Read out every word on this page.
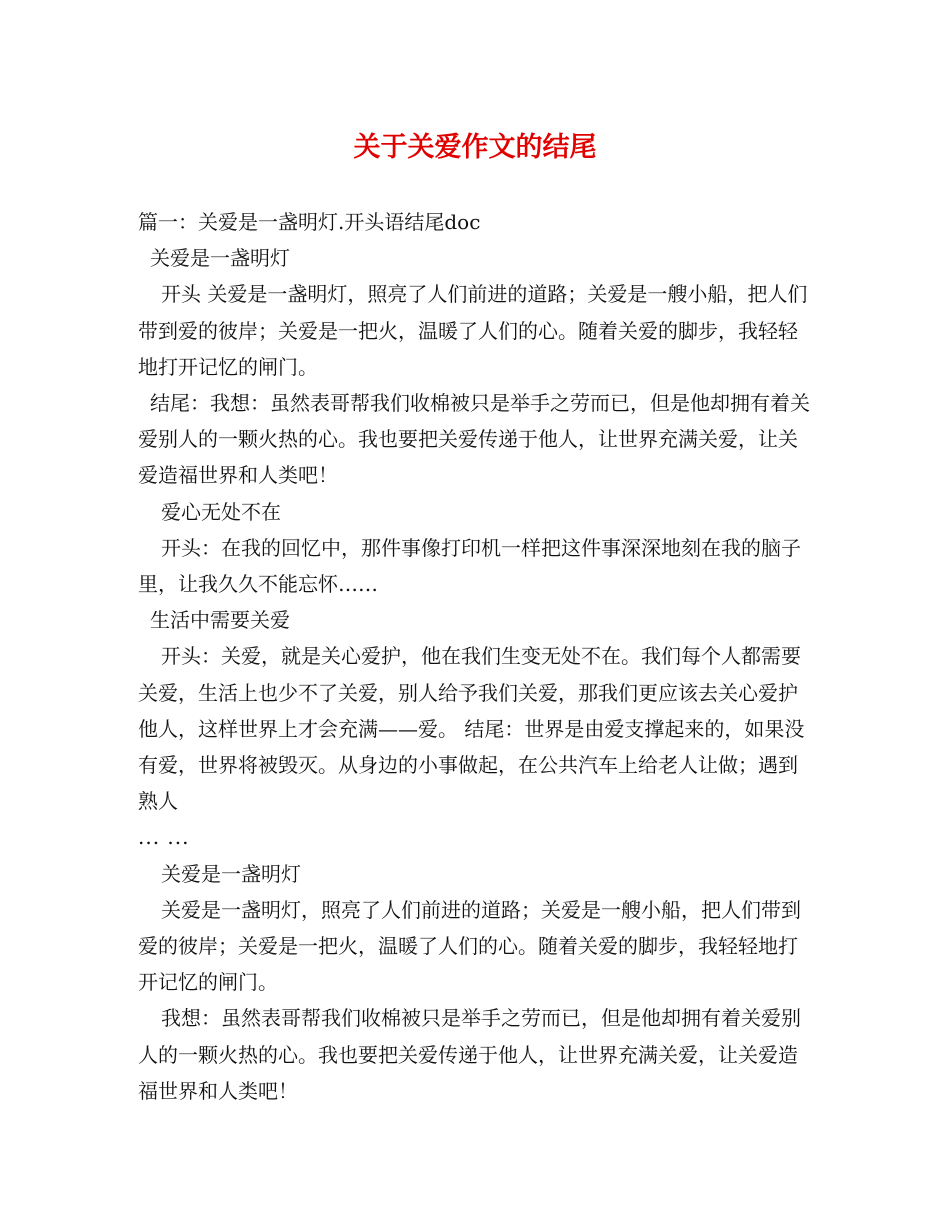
关于关爱作文的结尾

篇一：关爱是一盏明灯.开头语结尾doc

关爱是一盏明灯

开头 关爱是一盏明灯，照亮了人们前进的道路；关爱是一艘小船，把人们带到爱的彼岸；关爱是一把火，温暖了人们的心。随着关爱的脚步，我轻轻地打开记忆的闸门。

结尾：我想：虽然表哥帮我们收棉被只是举手之劳而已，但是他却拥有着关爱别人的一颗火热的心。我也要把关爱传递于他人，让世界充满关爱，让关爱造福世界和人类吧！

爱心无处不在

开头：在我的回忆中，那件事像打印机一样把这件事深深地刻在我的脑子里，让我久久不能忘怀……

生活中需要关爱

开头：关爱，就是关心爱护，他在我们生变无处不在。我们每个人都需要关爱，生活上也少不了关爱，别人给予我们关爱，那我们更应该去关心爱护他人，这样世界上才会充满——爱。 结尾：世界是由爱支撑起来的，如果没有爱，世界将被毁灭。从身边的小事做起，在公共汽车上给老人让做；遇到熟人

... ...

关爱是一盏明灯

关爱是一盏明灯，照亮了人们前进的道路；关爱是一艘小船，把人们带到爱的彼岸；关爱是一把火，温暖了人们的心。随着关爱的脚步，我轻轻地打开记忆的闸门。

我想：虽然表哥帮我们收棉被只是举手之劳而已，但是他却拥有着关爱别人的一颗火热的心。我也要把关爱传递于他人，让世界充满关爱，让关爱造福世界和人类吧！
